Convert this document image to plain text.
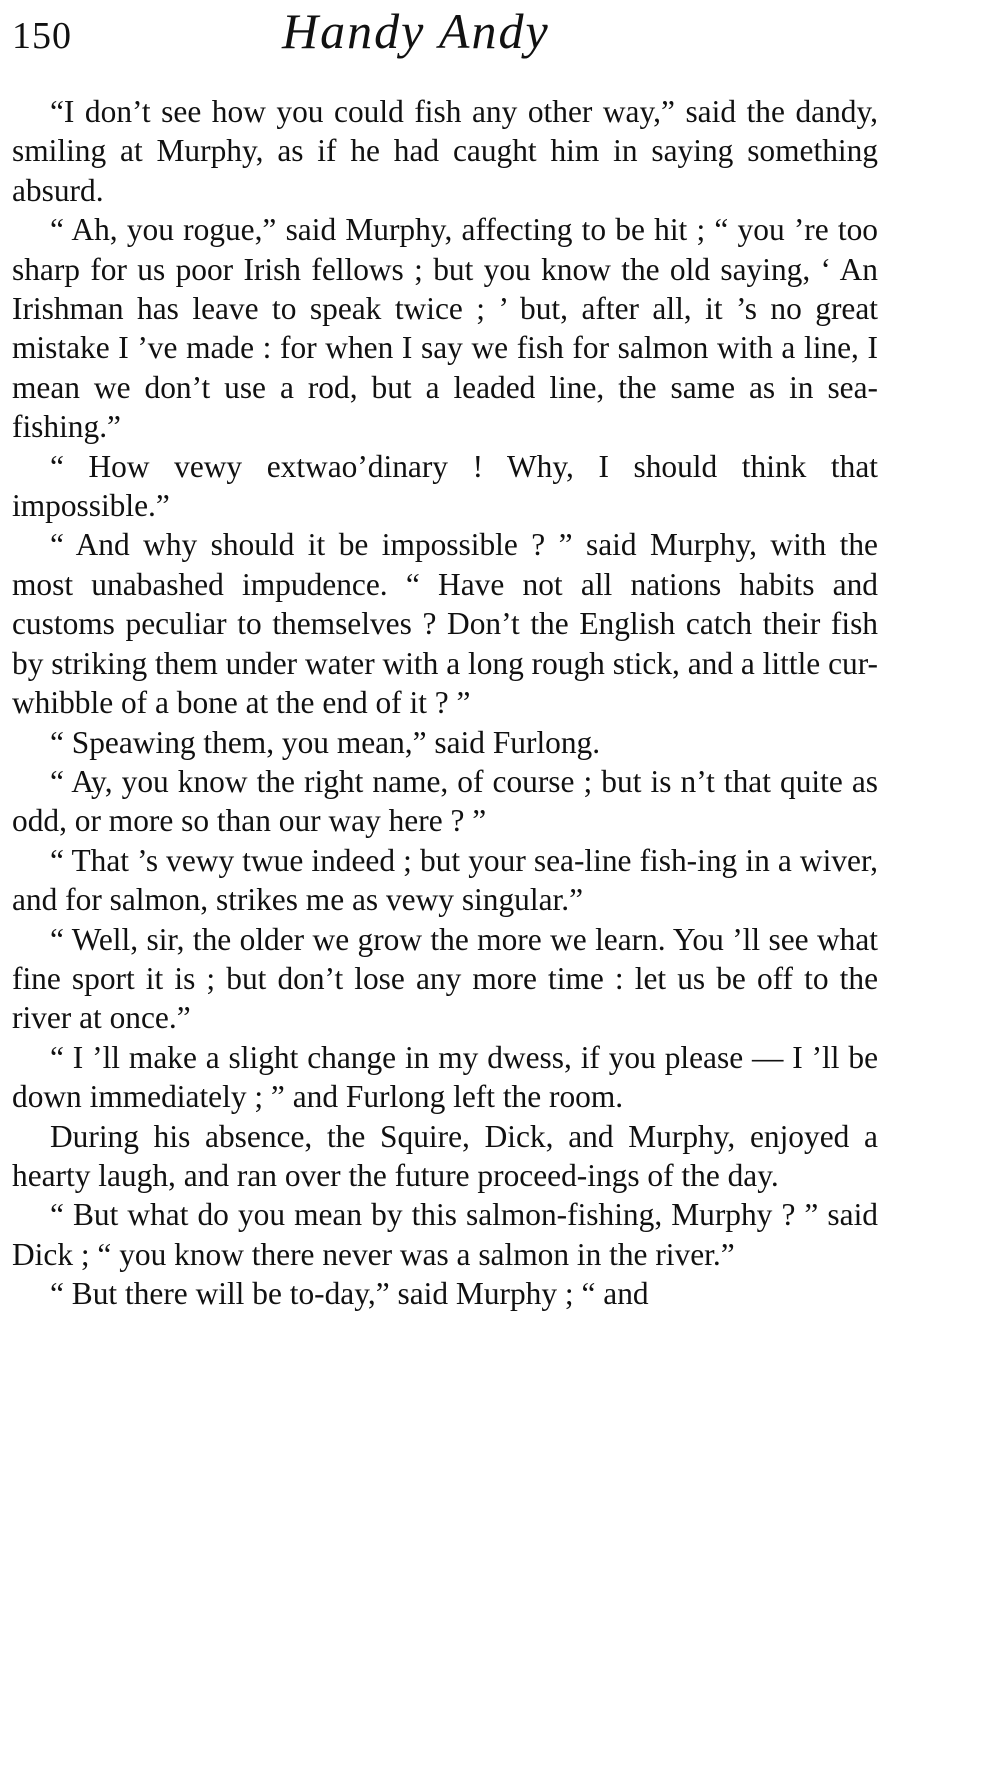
150	Handy Andy

“I don’t see how you could fish any other way,” said the dandy, smiling at Murphy, as if he had caught him in saying something absurd.

“ Ah, you rogue,” said Murphy, affecting to be hit ; “ you ’re too sharp for us poor Irish fellows ; but you know the old saying, ‘ An Irishman has leave to speak twice ; ’ but, after all, it ’s no great mistake I ’ve made : for when I say we fish for salmon with a line, I mean we don’t use a rod, but a leaded line, the same as in sea-fishing.”

“ How vewy extwao’dinary ! Why, I should think that impossible.”

“ And why should it be impossible ? ” said Murphy, with the most unabashed impudence. “ Have not all nations habits and customs peculiar to themselves ? Don’t the English catch their fish by striking them under water with a long rough stick, and a little cur-whibble of a bone at the end of it ? ”

“ Speawing them, you mean,” said Furlong.

“ Ay, you know the right name, of course ; but is n’t that quite as odd, or more so than our way here ? ”

“ That ’s vewy twue indeed ; but your sea-line fish-ing in a wiver, and for salmon, strikes me as vewy singular.”

“ Well, sir, the older we grow the more we learn. You ’ll see what fine sport it is ; but don’t lose any more time : let us be off to the river at once.”

“ I ’ll make a slight change in my dwess, if you please — I ’ll be down immediately ; ” and Furlong left the room.

During his absence, the Squire, Dick, and Murphy, enjoyed a hearty laugh, and ran over the future proceed-ings of the day.

“ But what do you mean by this salmon-fishing, Murphy ? ” said Dick ; “ you know there never was a salmon in the river.”

“ But there will be to-day,” said Murphy ; “ and
